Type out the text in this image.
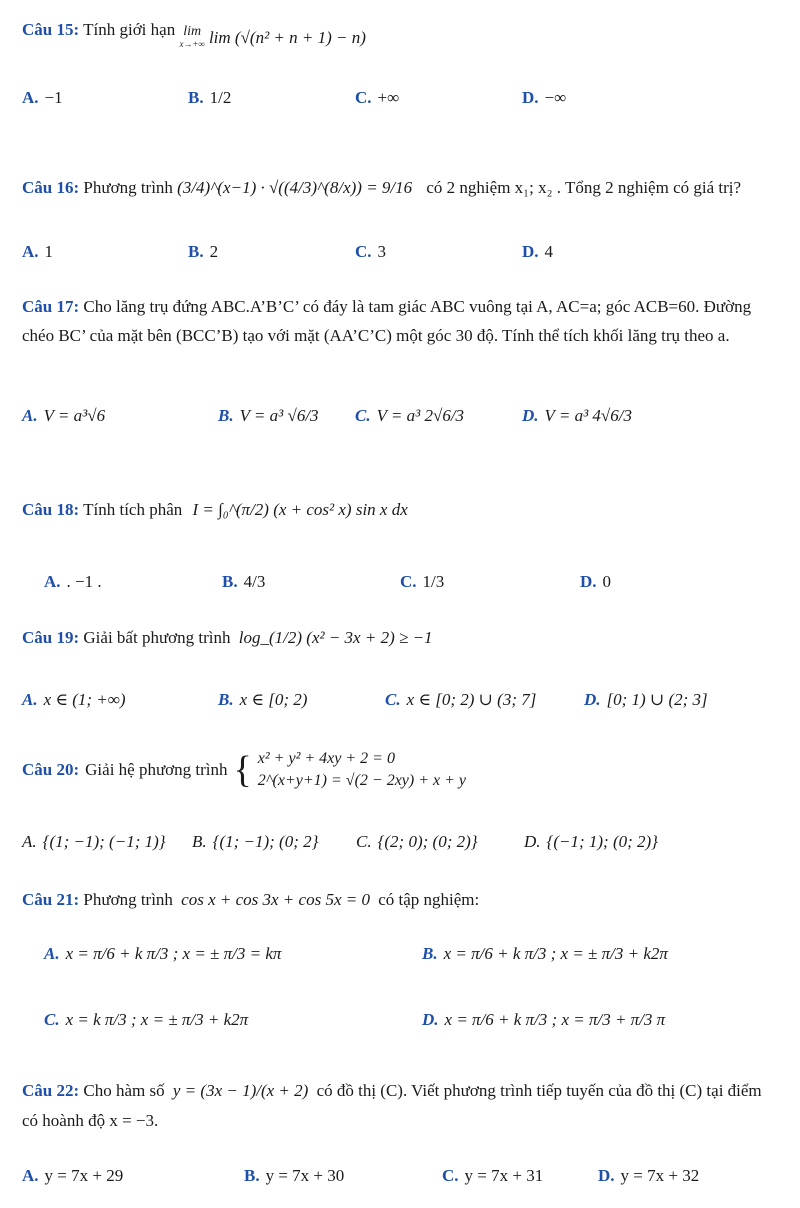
Câu 15: Tính giới hạn lim
x→+∞ lim (√(n² + n + 1) − n)
A. −1	B. 1/2	C. +∞	D. −∞
Câu 16: Phương trình (3/4)^(x−1) · √((4/3)^(8/x)) = 9/16 có 2 nghiệm x₁; x₂ . Tổng 2 nghiệm có giá trị?
A. 1	B. 2	C. 3	D. 4
Câu 17: Cho lăng trụ đứng ABC.A’B’C’ có đáy là tam giác ABC vuông tại A, AC=a; góc ACB=60. Đường chéo BC’ của mặt bên (BCC’B) tạo với mặt (AA’C’C) một góc 30 độ. Tính thể tích khối lăng trụ theo a.
A. V = a³√6	B. V = a³ √6/3 C. V = a³ 2√6/3	D. V = a³ 4√6/3
Câu 18: Tính tích phân I = ∫₀^(π/2) (x + cos² x) sin x dx
A. . −1 .	B. 4/3	C. 1/3	D. 0
Câu 19: Giải bất phương trình log_(1/2) (x² − 3x + 2) ≥ −1
A. x ∈ (1; +∞)	B. x ∈ [0; 2)	C. x ∈ [0; 2) ∪ (3; 7]	D. [0; 1) ∪ (2; 3]
Câu 20: Giải hệ phương trình { x² + y² + 4xy + 2 = 0
2^(x+y+1) = √(2 − 2xy) + x + y
A. {(1; −1); (−1; 1)} B. {(1; −1); (0; 2} C. {(2; 0); (0; 2)}	D. {(−1; 1); (0; 2)}
Câu 21: Phương trình cos x + cos 3x + cos 5x = 0 có tập nghiệm:
A. x = π/6 + k π/3 ; x = ± π/3 = kπ	B. x = π/6 + k π/3 ; x = ± π/3 + k2π
C. x = k π/3 ; x = ± π/3 + k2π	D. x = π/6 + k π/3 ; x = π/3 + π/3 π
Câu 22: Cho hàm số y = (3x − 1)/(x + 2) có đồ thị (C). Viết phương trình tiếp tuyến của đồ thị (C) tại điểm có hoành độ x = −3.
A. y = 7x + 29	B. y = 7x + 30	C. y = 7x + 31	D. y = 7x + 32
